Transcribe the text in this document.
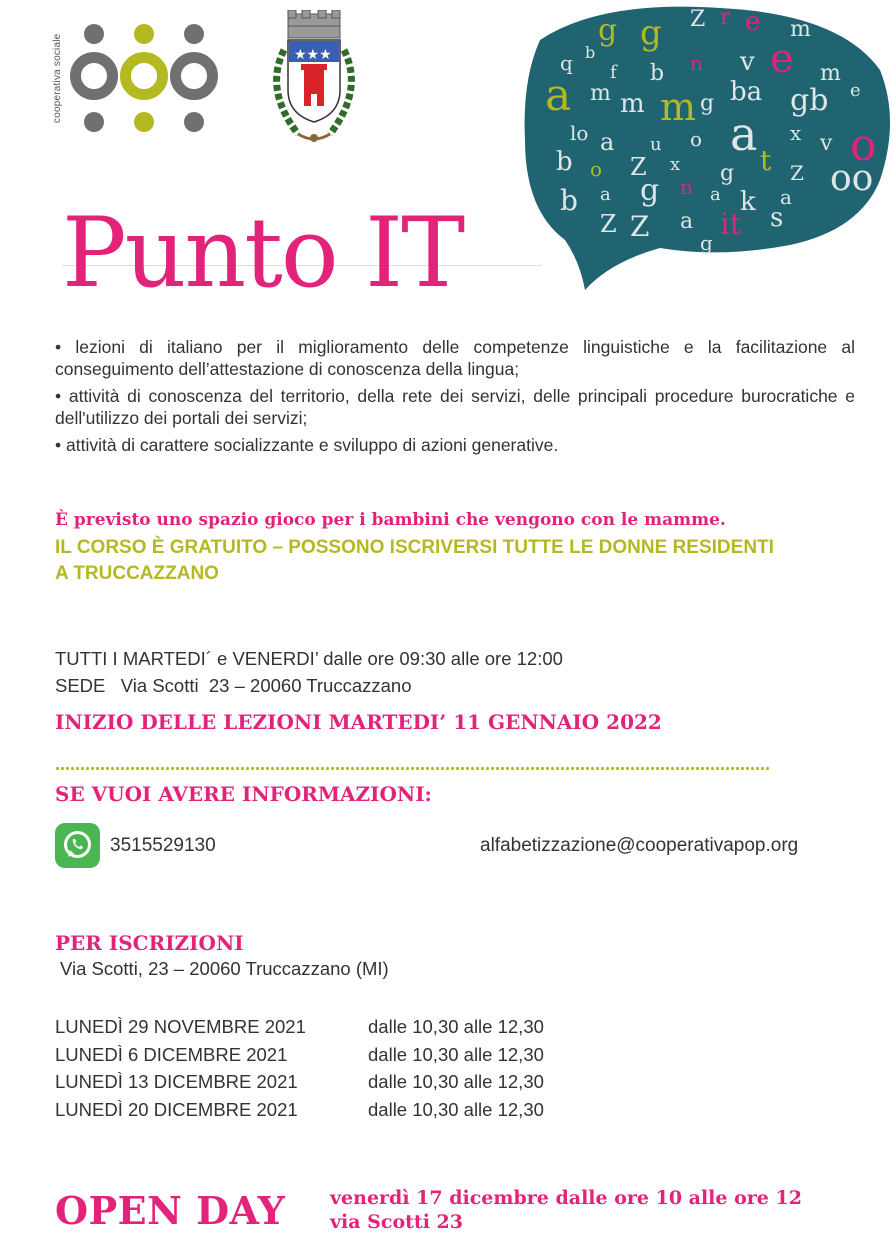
cooperativa sociale	★★★
g g Z r e m
q b
f b n v e m
a m m m g ba gb e
lo a u o a x v o
b o Z x g t Z oo
b a g n a k a
Z Z a it s
g
Punto IT

• lezioni di italiano per il miglioramento delle competenze linguistiche e la facilitazione al conseguimento dell’attestazione di conoscenza della lingua;

• attività di conoscenza del territorio, della rete dei servizi, delle principali procedure burocratiche e dell'utilizzo dei portali dei servizi;

• attività di carattere socializzante e sviluppo di azioni generative.

È previsto uno spazio gioco per i bambini che vengono con le mamme.
IL CORSO È GRATUITO – POSSONO ISCRIVERSI TUTTE LE DONNE RESIDENTI A TRUCCAZZANO
TUTTI I MARTEDI´ e VENERDI’ dalle ore 09:30 alle ore 12:00
SEDE   Via Scotti  23 – 20060 Truccazzano
INIZIO DELLE LEZIONI MARTEDI’ 11 GENNAIO 2022
SE VUOI AVERE INFORMAZIONI:
3515529130	alfabetizzazione@cooperativapop.org
PER ISCRIZIONI
Via Scotti, 23 – 20060 Truccazzano (MI)
LUNEDÌ 29 NOVEMBRE 2021	dalle 10,30 alle 12,30
LUNEDÌ 6 DICEMBRE 2021	dalle 10,30 alle 12,30
LUNEDÌ 13 DICEMBRE 2021	dalle 10,30 alle 12,30
LUNEDÌ 20 DICEMBRE 2021	dalle 10,30 alle 12,30
OPEN DAY venerdì 17 dicembre dalle ore 10 alle ore 12
via Scotti 23
